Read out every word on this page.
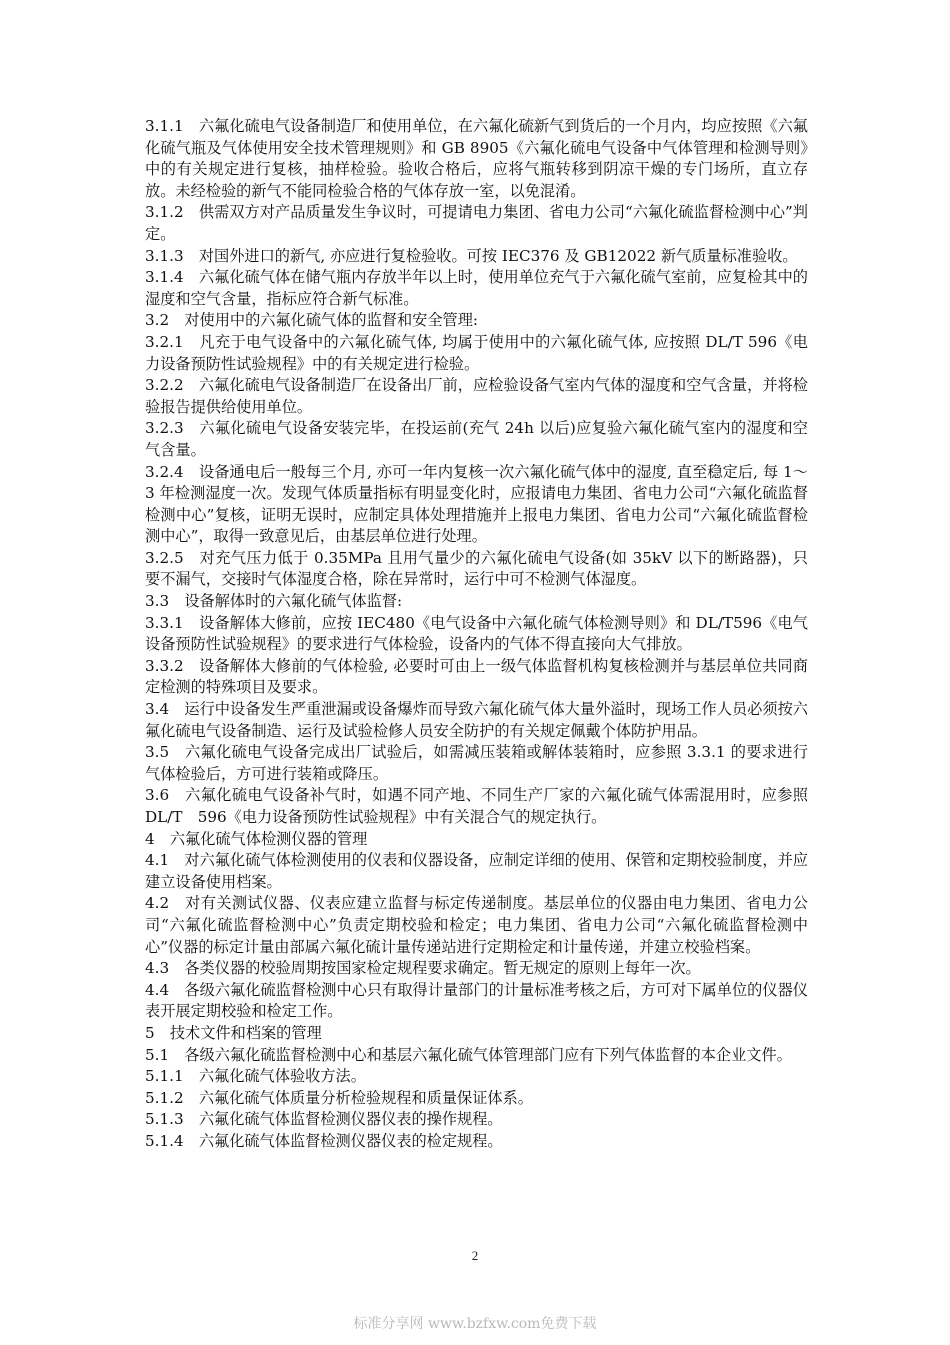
3.1.1　六氟化硫电气设备制造厂和使用单位，在六氟化硫新气到货后的一个月内，均应按照《六氟化硫气瓶及气体使用安全技术管理规则》和 GB 8905《六氟化硫电气设备中气体管理和检测导则》中的有关规定进行复核，抽样检验。验收合格后，应将气瓶转移到阴凉干燥的专门场所，直立存放。未经检验的新气不能同检验合格的气体存放一室，以免混淆。

3.1.2　供需双方对产品质量发生争议时，可提请电力集团、省电力公司“六氟化硫监督检测中心”判定。

3.1.3　对国外进口的新气, 亦应进行复检验收。可按 IEC376 及 GB12022 新气质量标准验收。

3.1.4　六氟化硫气体在储气瓶内存放半年以上时，使用单位充气于六氟化硫气室前，应复检其中的湿度和空气含量，指标应符合新气标准。

3.2　对使用中的六氟化硫气体的监督和安全管理:

3.2.1　凡充于电气设备中的六氟化硫气体, 均属于使用中的六氟化硫气体, 应按照 DL/T 596《电力设备预防性试验规程》中的有关规定进行检验。

3.2.2　六氟化硫电气设备制造厂在设备出厂前，应检验设备气室内气体的湿度和空气含量，并将检验报告提供给使用单位。

3.2.3　六氟化硫电气设备安装完毕，在投运前(充气 24h 以后)应复验六氟化硫气室内的湿度和空气含量。

3.2.4　设备通电后一般每三个月, 亦可一年内复核一次六氟化硫气体中的湿度, 直至稳定后, 每 1～3 年检测湿度一次。发现气体质量指标有明显变化时，应报请电力集团、省电力公司“六氟化硫监督检测中心”复核，证明无误时，应制定具体处理措施并上报电力集团、省电力公司“六氟化硫监督检测中心”，取得一致意见后，由基层单位进行处理。

3.2.5　对充气压力低于 0.35MPa 且用气量少的六氟化硫电气设备(如 35kV 以下的断路器)，只要不漏气，交接时气体湿度合格，除在异常时，运行中可不检测气体湿度。

3.3　设备解体时的六氟化硫气体监督:

3.3.1　设备解体大修前，应按 IEC480《电气设备中六氟化硫气体检测导则》和 DL/T596《电气设备预防性试验规程》的要求进行气体检验，设备内的气体不得直接向大气排放。

3.3.2　设备解体大修前的气体检验, 必要时可由上一级气体监督机构复核检测并与基层单位共同商定检测的特殊项目及要求。

3.4　运行中设备发生严重泄漏或设备爆炸而导致六氟化硫气体大量外溢时，现场工作人员必须按六氟化硫电气设备制造、运行及试验检修人员安全防护的有关规定佩戴个体防护用品。

3.5　六氟化硫电气设备完成出厂试验后，如需减压装箱或解体装箱时，应参照 3.3.1 的要求进行气体检验后，方可进行装箱或降压。

3.6　六氟化硫电气设备补气时，如遇不同产地、不同生产厂家的六氟化硫气体需混用时，应参照 DL/T　596《电力设备预防性试验规程》中有关混合气的规定执行。

4　六氟化硫气体检测仪器的管理

4.1　对六氟化硫气体检测使用的仪表和仪器设备，应制定详细的使用、保管和定期校验制度，并应建立设备使用档案。

4.2　对有关测试仪器、仪表应建立监督与标定传递制度。基层单位的仪器由电力集团、省电力公司“六氟化硫监督检测中心”负责定期校验和检定；电力集团、省电力公司“六氟化硫监督检测中心”仪器的标定计量由部属六氟化硫计量传递站进行定期检定和计量传递，并建立校验档案。

4.3　各类仪器的校验周期按国家检定规程要求确定。暂无规定的原则上每年一次。

4.4　各级六氟化硫监督检测中心只有取得计量部门的计量标准考核之后，方可对下属单位的仪器仪表开展定期校验和检定工作。

5　技术文件和档案的管理

5.1　各级六氟化硫监督检测中心和基层六氟化硫气体管理部门应有下列气体监督的本企业文件。

5.1.1　六氟化硫气体验收方法。

5.1.2　六氟化硫气体质量分析检验规程和质量保证体系。

5.1.3　六氟化硫气体监督检测仪器仪表的操作规程。

5.1.4　六氟化硫气体监督检测仪器仪表的检定规程。

2
标准分享网 www.bzfxw.com免费下载
